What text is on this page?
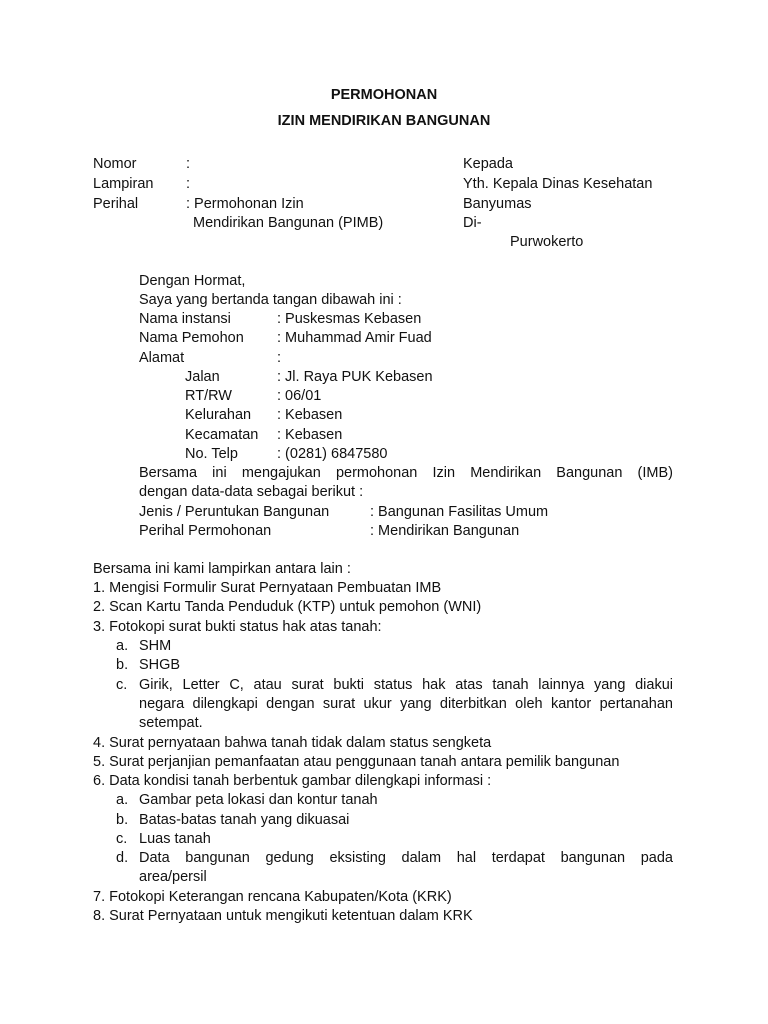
PERMOHONAN
IZIN MENDIRIKAN BANGUNAN
Nomor	:
Lampiran :
Perihal	: Permohonan Izin
Mendirikan Bangunan (PIMB)
Kepada
Yth. Kepala Dinas Kesehatan
Banyumas
Di-
Purwokerto
Dengan Hormat,
Saya yang bertanda tangan dibawah ini :
Nama instansi	: Puskesmas Kebasen
Nama Pemohon : Muhammad Amir Fuad
Alamat	:
Jalan	: Jl. Raya PUK Kebasen
RT/RW	: 06/01
Kelurahan : Kebasen
Kecamatan : Kebasen
No. Telp	: (0281) 6847580
Bersama ini mengajukan permohonan Izin Mendirikan Bangunan (IMB)
dengan data-data sebagai berikut :
Jenis / Peruntukan Bangunan	: Bangunan Fasilitas Umum
Perihal Permohonan	: Mendirikan Bangunan
Bersama ini kami lampirkan antara lain :
1. Mengisi Formulir Surat Pernyataan Pembuatan IMB
2. Scan Kartu Tanda Penduduk (KTP) untuk pemohon (WNI)
3. Fotokopi surat bukti status hak atas tanah:
a. SHM
b. SHGB
c. Girik, Letter C, atau surat bukti status hak atas tanah lainnya yang diakui
negara dilengkapi dengan surat ukur yang diterbitkan oleh kantor pertanahan
setempat.
4. Surat pernyataan bahwa tanah tidak dalam status sengketa
5. Surat perjanjian pemanfaatan atau penggunaan tanah antara pemilik bangunan
6. Data kondisi tanah berbentuk gambar dilengkapi informasi :
a. Gambar peta lokasi dan kontur tanah
b. Batas-batas tanah yang dikuasai
c. Luas tanah
d. Data bangunan gedung eksisting dalam hal terdapat bangunan pada
area/persil
7. Fotokopi Keterangan rencana Kabupaten/Kota (KRK)
8. Surat Pernyataan untuk mengikuti ketentuan dalam KRK
